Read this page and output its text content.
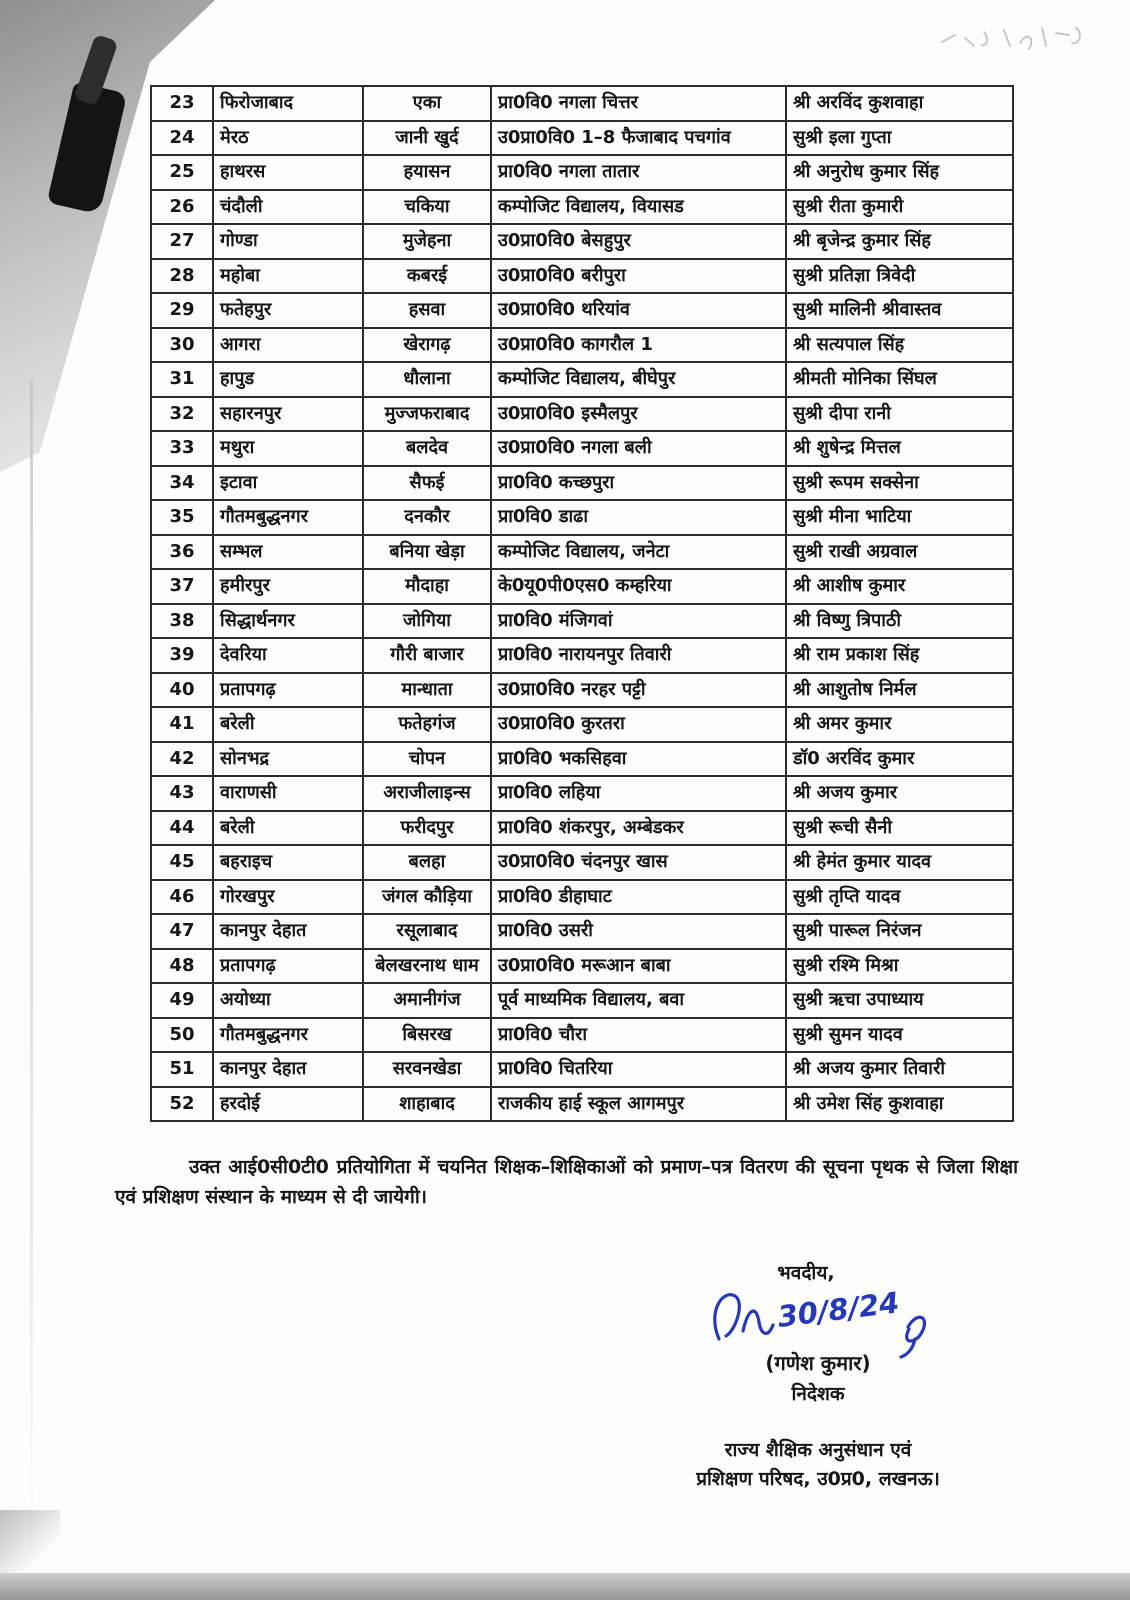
23	फिरोजाबाद	एका	प्रा0वि0 नगला चित्तर	श्री अरविंद कुशवाहा
24	मेरठ	जानी खुर्द	उ0प्रा0वि0 1–8 फैजाबाद पचगांव	सुश्री इला गुप्ता
25	हाथरस	हयासन	प्रा0वि0 नगला तातार	श्री अनुरोध कुमार सिंह
26	चंदौली	चकिया	कम्पोजिट विद्यालय, वियासड	सुश्री रीता कुमारी
27	गोण्डा	मुजेहना	उ0प्रा0वि0 बेसहुपुर	श्री बृजेन्द्र कुमार सिंह
28	महोबा	कबरई	उ0प्रा0वि0 बरीपुरा	सुश्री प्रतिज्ञा त्रिवेदी
29	फतेहपुर	हसवा	उ0प्रा0वि0 थरियांव	सुश्री मालिनी श्रीवास्तव
30	आगरा	खेरागढ़	उ0प्रा0वि0 कागरौल 1	श्री सत्यपाल सिंह
31	हापुड	धौलाना	कम्पोजिट विद्यालय, बीघेपुर	श्रीमती मोनिका सिंघल
32	सहारनपुर	मुज्जफराबाद	उ0प्रा0वि0 इस्मैलपुर	सुश्री दीपा रानी
33	मथुरा	बलदेव	उ0प्रा0वि0 नगला बली	श्री शुषेन्द्र मित्तल
34	इटावा	सैफई	प्रा0वि0 कच्छपुरा	सुश्री रूपम सक्सेना
35	गौतमबुद्धनगर	दनकौर	प्रा0वि0 डाढा	सुश्री मीना भाटिया
36	सम्भल	बनिया खेड़ा	कम्पोजिट विद्यालय, जनेटा	सुश्री राखी अग्रवाल
37	हमीरपुर	मौदाहा	के0यू0पी0एस0 कम्हरिया	श्री आशीष कुमार
38	सिद्धार्थनगर	जोगिया	प्रा0वि0 मंजिगवां	श्री विष्णु त्रिपाठी
39	देवरिया	गौरी बाजार	प्रा0वि0 नारायनपुर तिवारी	श्री राम प्रकाश सिंह
40	प्रतापगढ़	मान्धाता	उ0प्रा0वि0 नरहर पट्टी	श्री आशुतोष निर्मल
41	बरेली	फतेहगंज	उ0प्रा0वि0 कुरतरा	श्री अमर कुमार
42	सोनभद्र	चोपन	प्रा0वि0 भकसिहवा	डॉ0 अरविंद कुमार
43	वाराणसी	अराजीलाइन्स	प्रा0वि0 लहिया	श्री अजय कुमार
44	बरेली	फरीदपुर	प्रा0वि0 शंकरपुर, अम्बेडकर	सुश्री रूची सैनी
45	बहराइच	बलहा	उ0प्रा0वि0 चंदनपुर खास	श्री हेमंत कुमार यादव
46	गोरखपुर	जंगल कौड़िया	प्रा0वि0 डीहाघाट	सुश्री तृप्ति यादव
47	कानपुर देहात	रसूलाबाद	प्रा0वि0 उसरी	सुश्री पारूल निरंजन
48	प्रतापगढ़	बेलखरनाथ धाम	उ0प्रा0वि0 मरूआन बाबा	सुश्री रश्मि मिश्रा
49	अयोध्या	अमानीगंज	पूर्व माध्यमिक विद्यालय, बवा	सुश्री ऋचा उपाध्याय
50	गौतमबुद्धनगर	बिसरख	प्रा0वि0 चौरा	सुश्री सुमन यादव
51	कानपुर देहात	सरवनखेडा	प्रा0वि0 चितरिया	श्री अजय कुमार तिवारी
52	हरदोई	शाहाबाद	राजकीय हाई स्कूल आगमपुर	श्री उमेश सिंह कुशवाहा

उक्त आई0सी0टी0 प्रतियोगिता में चयनित शिक्षक–शिक्षिकाओं को प्रमाण–पत्र वितरण की सूचना पृथक से जिला शिक्षा एवं प्रशिक्षण संस्थान के माध्यम से दी जायेगी।

भवदीय,
30/8/24
(गणेश कुमार)
निदेशक
राज्य शैक्षिक अनुसंधान एवं
प्रशिक्षण परिषद, उ0प्र0, लखनऊ।
